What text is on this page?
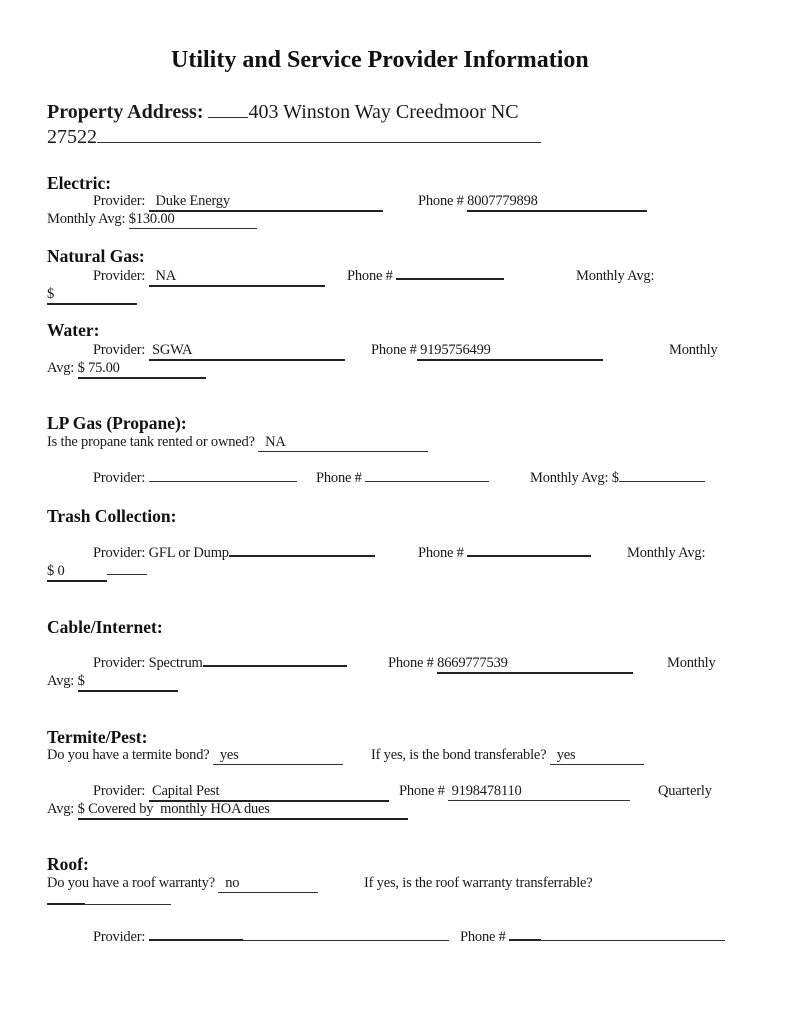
Utility and Service Provider Information
Property Address: 403 Winston Way Creedmoor NC
27522
Electric:
Provider: Duke Energy	Phone # 8007779898
Monthly Avg: $130.00
Natural Gas:
Provider: NA	Phone #	Monthly Avg:
$
Water:
Provider: SGWA	Phone # 9195756499	Monthly
Avg: $ 75.00
LP Gas (Propane):
Is the propane tank rented or owned? NA
Provider:	Phone #	Monthly Avg: $
Trash Collection:
Provider: GFL or Dump	Phone #	Monthly Avg:
$ 0
Cable/Internet:
Provider: Spectrum	Phone # 8669777539	Monthly
Avg: $
Termite/Pest:
Do you have a termite bond? yes	If yes, is the bond transferable? yes
Provider: Capital Pest	Phone # 9198478110	Quarterly
Avg: $ Covered by  monthly HOA dues
Roof:
Do you have a roof warranty? no	If yes, is the roof warranty transferrable?
Provider:	Phone #
